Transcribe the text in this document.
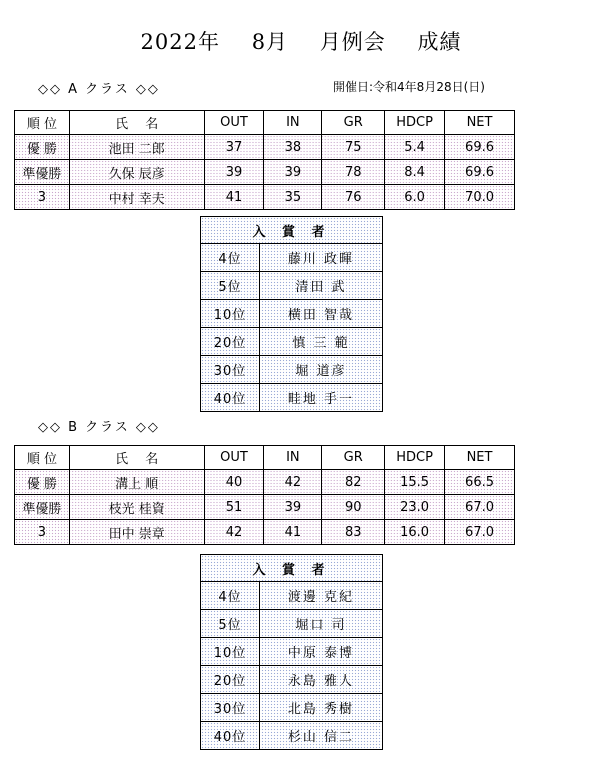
2022年 8月 月例会 成績
◇◇ A クラス ◇◇	開催日:令和4年8月28日(日)
順 位	氏　 名	OUT	IN	GR	HDCP	NET
優 勝	池田 二郎	37	38	75	5.4	69.6
準優勝	久保 辰彦	39	39	78	8.4	69.6
3	中村 幸夫	41	35	76	6.0	70.0
入 賞 者	
4位	藤川 政暉
5位	清田 武
10位	横田 智哉
20位	慎 三 範
30位	堀 道彦
40位	畦地 手一
◇◇ B クラス ◇◇
順 位	氏　 名	OUT	IN	GR	HDCP	NET
優 勝	溝上 順	40	42	82	15.5	66.5
準優勝	枝光 桂資	51	39	90	23.0	67.0
3	田中 崇章	42	41	83	16.0	67.0
入 賞 者	
4位	渡邊 克紀
5位	堀口 司
10位	中原 泰博
20位	永島 雅人
30位	北島 秀樹
40位	杉山 信二
